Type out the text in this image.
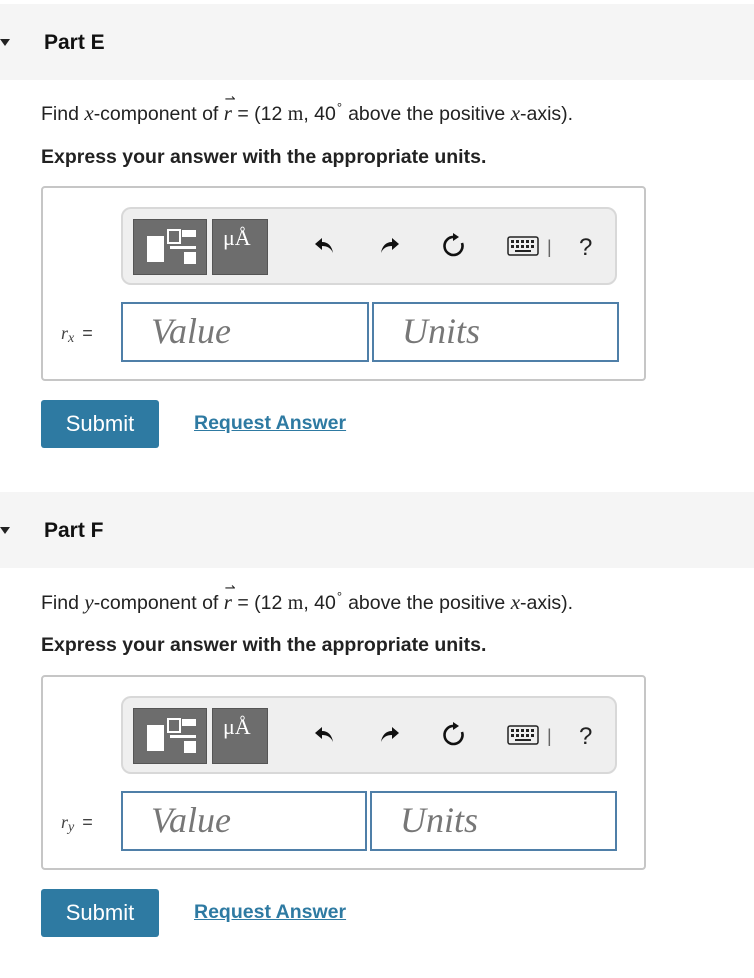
Part E
Find x-component of
⇀
r = (12 m, 40° above the positive x-axis).
Express your answer with the appropriate units.
μÅ	| ?
rx =	Value	Units
Submit	Request Answer
Part F
Find y-component of
⇀
r = (12 m, 40° above the positive x-axis).
Express your answer with the appropriate units.
μÅ	| ?
ry =	Value	Units
Submit	Request Answer
